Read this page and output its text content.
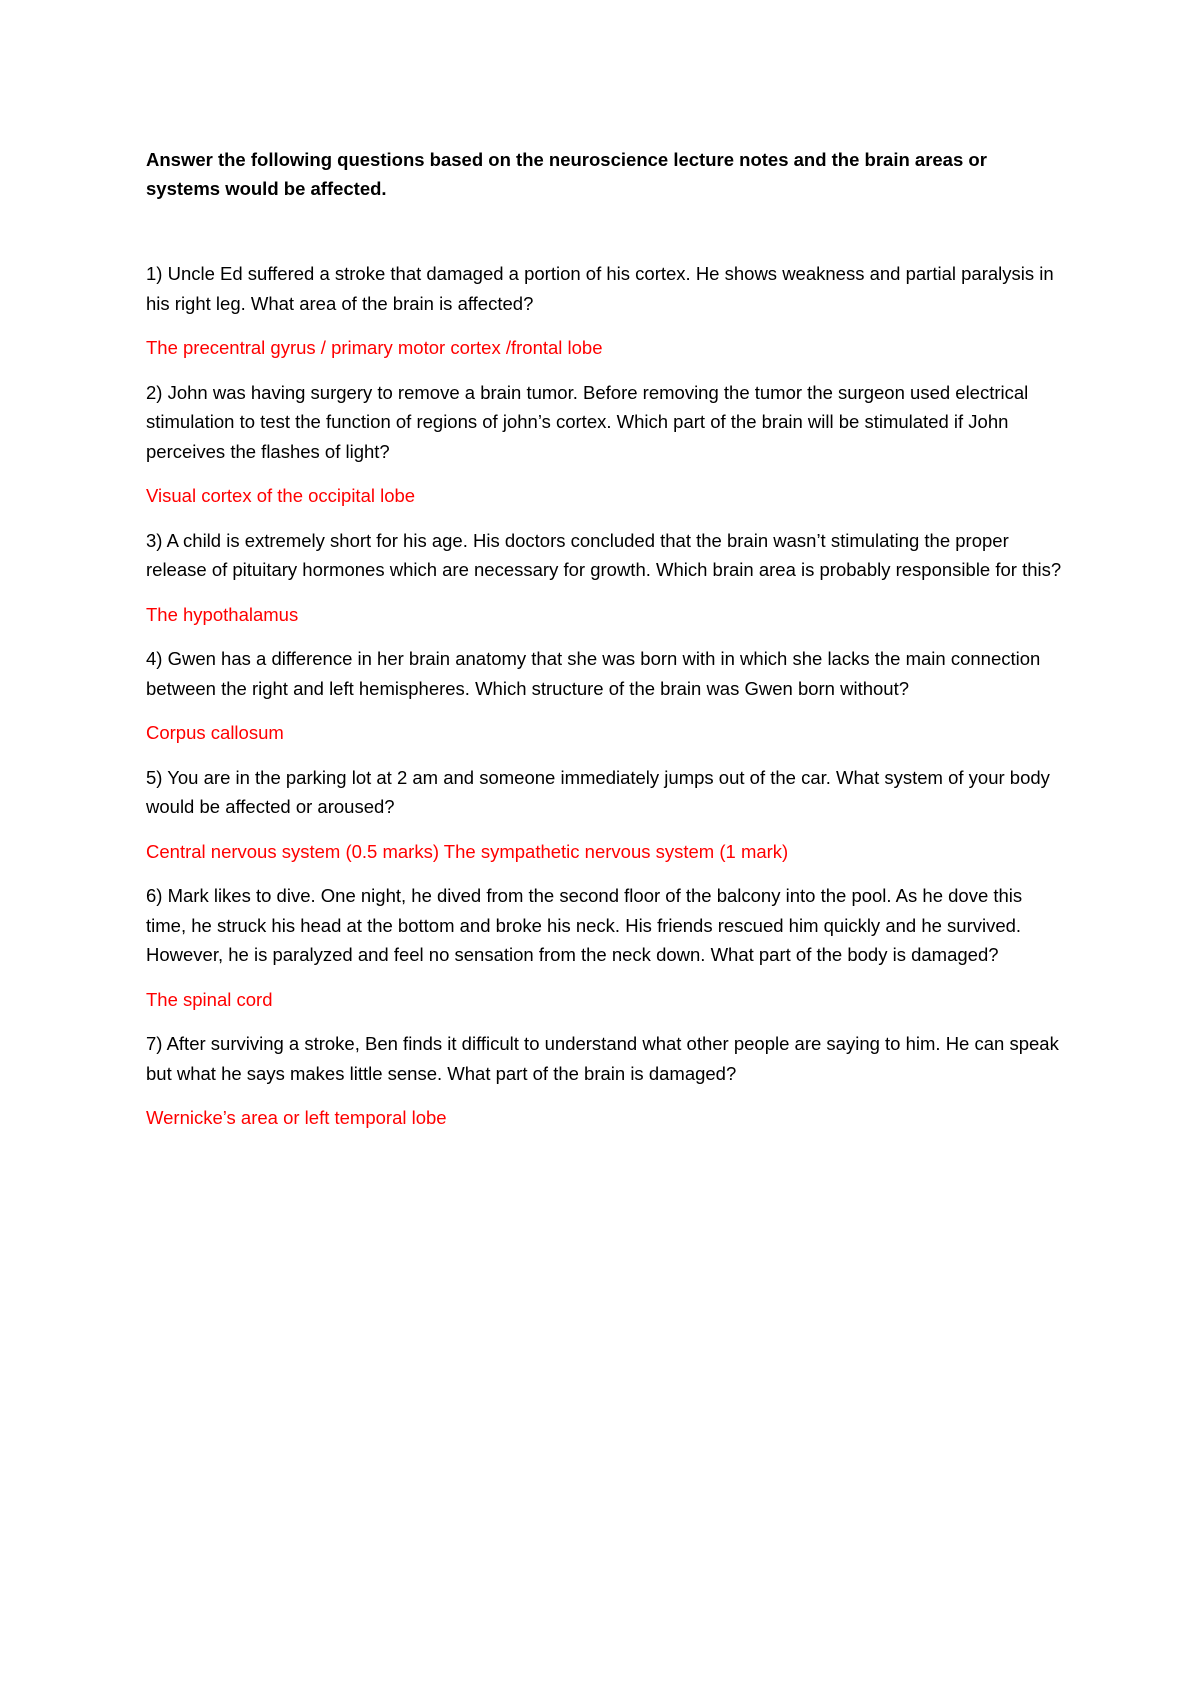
Answer the following questions based on the neuroscience lecture notes and the brain areas or systems would be affected.

1) Uncle Ed suffered a stroke that damaged a portion of his cortex. He shows weakness and partial paralysis in his right leg. What area of the brain is affected?

The precentral gyrus / primary motor cortex /frontal lobe

2) John was having surgery to remove a brain tumor. Before removing the tumor the surgeon used electrical stimulation to test the function of regions of john’s cortex. Which part of the brain will be stimulated if John perceives the flashes of light?

Visual cortex of the occipital lobe

3) A child is extremely short for his age. His doctors concluded that the brain wasn’t stimulating the proper release of pituitary hormones which are necessary for growth. Which brain area is probably responsible for this?

The hypothalamus

4) Gwen has a difference in her brain anatomy that she was born with in which she lacks the main connection between the right and left hemispheres. Which structure of the brain was Gwen born without?

Corpus callosum

5) You are in the parking lot at 2 am and someone immediately jumps out of the car. What system of your body would be affected or aroused?

Central nervous system (0.5 marks) The sympathetic nervous system (1 mark)

6) Mark likes to dive. One night, he dived from the second floor of the balcony into the pool. As he dove this time, he struck his head at the bottom and broke his neck. His friends rescued him quickly and he survived. However, he is paralyzed and feel no sensation from the neck down. What part of the body is damaged?

The spinal cord

7) After surviving a stroke, Ben finds it difficult to understand what other people are saying to him. He can speak but what he says makes little sense. What part of the brain is damaged?

Wernicke’s area or left temporal lobe
